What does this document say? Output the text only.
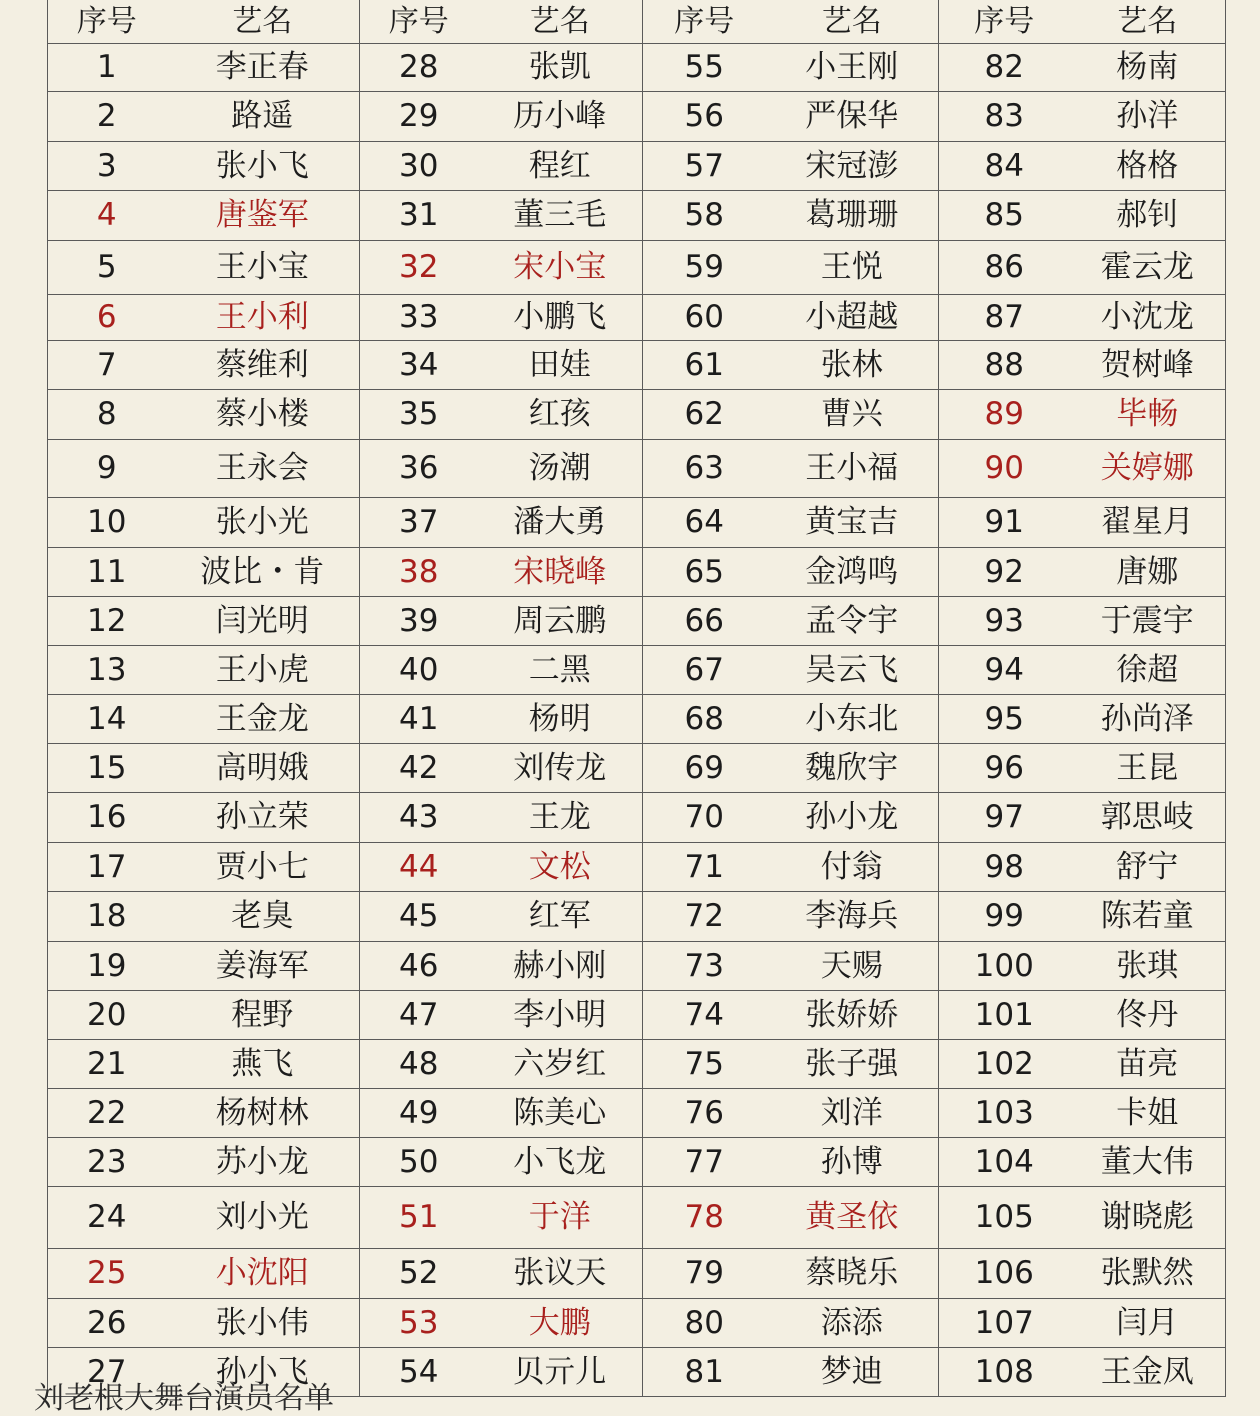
序号	艺名	序号	艺名	序号	艺名	序号	艺名
1	李正春	28	张凯	55	小王刚	82	杨南
2	路遥	29	历小峰	56	严保华	83	孙洋
3	张小飞	30	程红	57	宋冠澎	84	格格
4	唐鉴军	31	董三毛	58	葛珊珊	85	郝钊
5	王小宝	32	宋小宝	59	王悦	86	霍云龙
6	王小利	33	小鹏飞	60	小超越	87	小沈龙
7	蔡维利	34	田娃	61	张林	88	贺树峰
8	蔡小楼	35	红孩	62	曹兴	89	毕畅
9	王永会	36	汤潮	63	王小福	90	关婷娜
10	张小光	37	潘大勇	64	黄宝吉	91	翟星月
11	波比・肯	38	宋晓峰	65	金鸿鸣	92	唐娜
12	闫光明	39	周云鹏	66	孟令宇	93	于震宇
13	王小虎	40	二黑	67	吴云飞	94	徐超
14	王金龙	41	杨明	68	小东北	95	孙尚泽
15	高明娥	42	刘传龙	69	魏欣宇	96	王昆
16	孙立荣	43	王龙	70	孙小龙	97	郭思岐
17	贾小七	44	文松	71	付翁	98	舒宁
18	老臭	45	红军	72	李海兵	99	陈若童
19	姜海军	46	赫小刚	73	天赐	100	张琪
20	程野	47	李小明	74	张娇娇	101	佟丹
21	燕飞	48	六岁红	75	张子强	102	苗亮
22	杨树林	49	陈美心	76	刘洋	103	卡姐
23	苏小龙	50	小飞龙	77	孙博	104	董大伟
24	刘小光	51	于洋	78	黄圣依	105	谢晓彪
25	小沈阳	52	张议天	79	蔡晓乐	106	张默然
26	张小伟	53	大鹏	80	添添	107	闫月
27	孙小飞	54	贝亓儿	81	梦迪	108	王金凤
刘老根大舞台演员名单
